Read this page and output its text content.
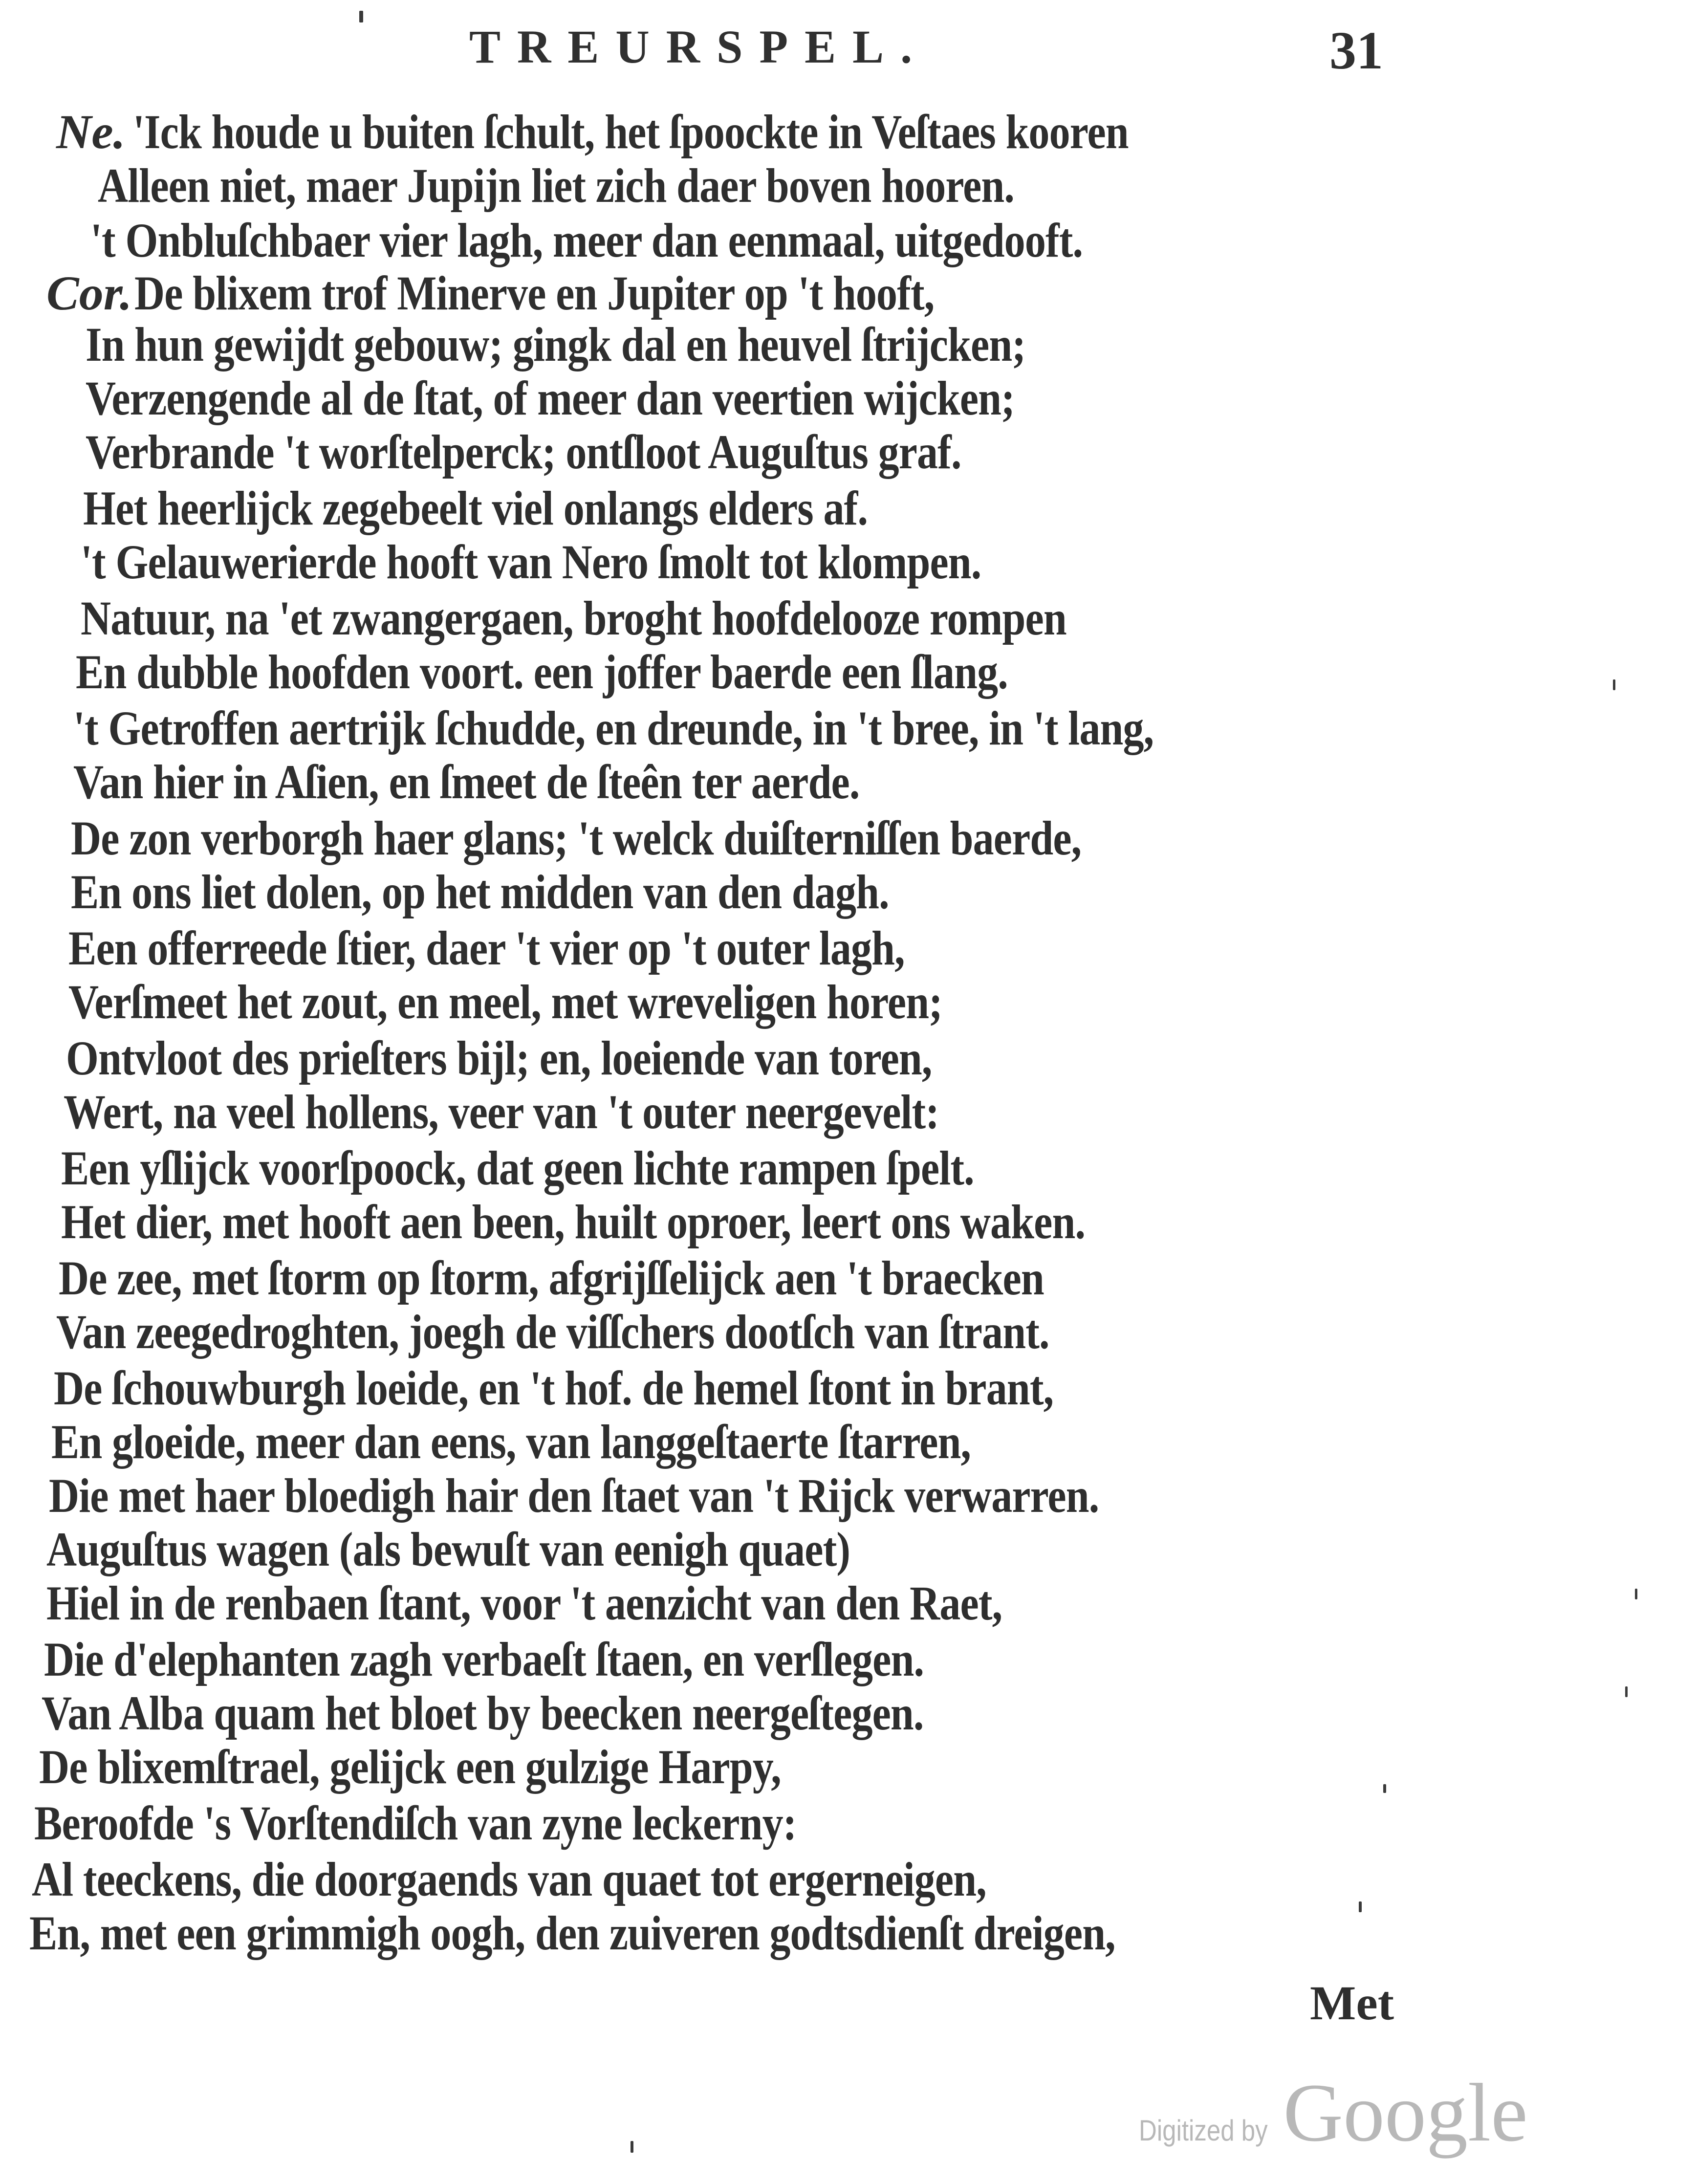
TREURSPEL.	31
Ne.
Cor.
'Ick houde u buiten ſchult, het ſpoockte in Veſtaes kooren
Alleen niet, maer Jupijn liet zich daer boven hooren.
't Onbluſchbaer vier lagh, meer dan eenmaal, uitgedooft.
De blixem trof Minerve en Jupiter op 't hooft,
In hun gewijdt gebouw; gingk dal en heuvel ſtrijcken;
Verzengende al de ſtat, of meer dan veertien wijcken;
Verbrande 't worſtelperck; ontſloot Auguſtus graf.
Het heerlijck zegebeelt viel onlangs elders af.
't Gelauwerierde hooft van Nero ſmolt tot klompen.
Natuur, na 'et zwangergaen, broght hoofdelooze rompen
En dubble hoofden voort. een joffer baerde een ſlang.
't Getroffen aertrijk ſchudde, en dreunde, in 't bree, in 't lang,
Van hier in Aſien, en ſmeet de ſteên ter aerde.
De zon verborgh haer glans; 't welck duiſterniſſen baerde,
En ons liet dolen, op het midden van den dagh.
Een offerreede ſtier, daer 't vier op 't outer lagh,
Verſmeet het zout, en meel, met wreveligen horen;
Ontvloot des prieſters bijl; en, loeiende van toren,
Wert, na veel hollens, veer van 't outer neergevelt:
Een yſlijck voorſpoock, dat geen lichte rampen ſpelt.
Het dier, met hooft aen been, huilt oproer, leert ons waken.
De zee, met ſtorm op ſtorm, afgrijſſelijck aen 't braecken
Van zeegedroghten, joegh de viſſchers dootſch van ſtrant.
De ſchouwburgh loeide, en 't hof. de hemel ſtont in brant,
En gloeide, meer dan eens, van langgeſtaerte ſtarren,
Die met haer bloedigh hair den ſtaet van 't Rijck verwarren.
Auguſtus wagen (als bewuſt van eenigh quaet)
Hiel in de renbaen ſtant, voor 't aenzicht van den Raet,
Die d'elephanten zagh verbaeſt ſtaen, en verſlegen.
Van Alba quam het bloet by beecken neergeſtegen.
De blixemſtrael, gelijck een gulzige Harpy,
Beroofde 's Vorſtendiſch van zyne leckerny:
Al teeckens, die doorgaends van quaet tot ergerneigen,
En, met een grimmigh oogh, den zuiveren godtsdienſt dreigen,
Met
Digitized by Google
